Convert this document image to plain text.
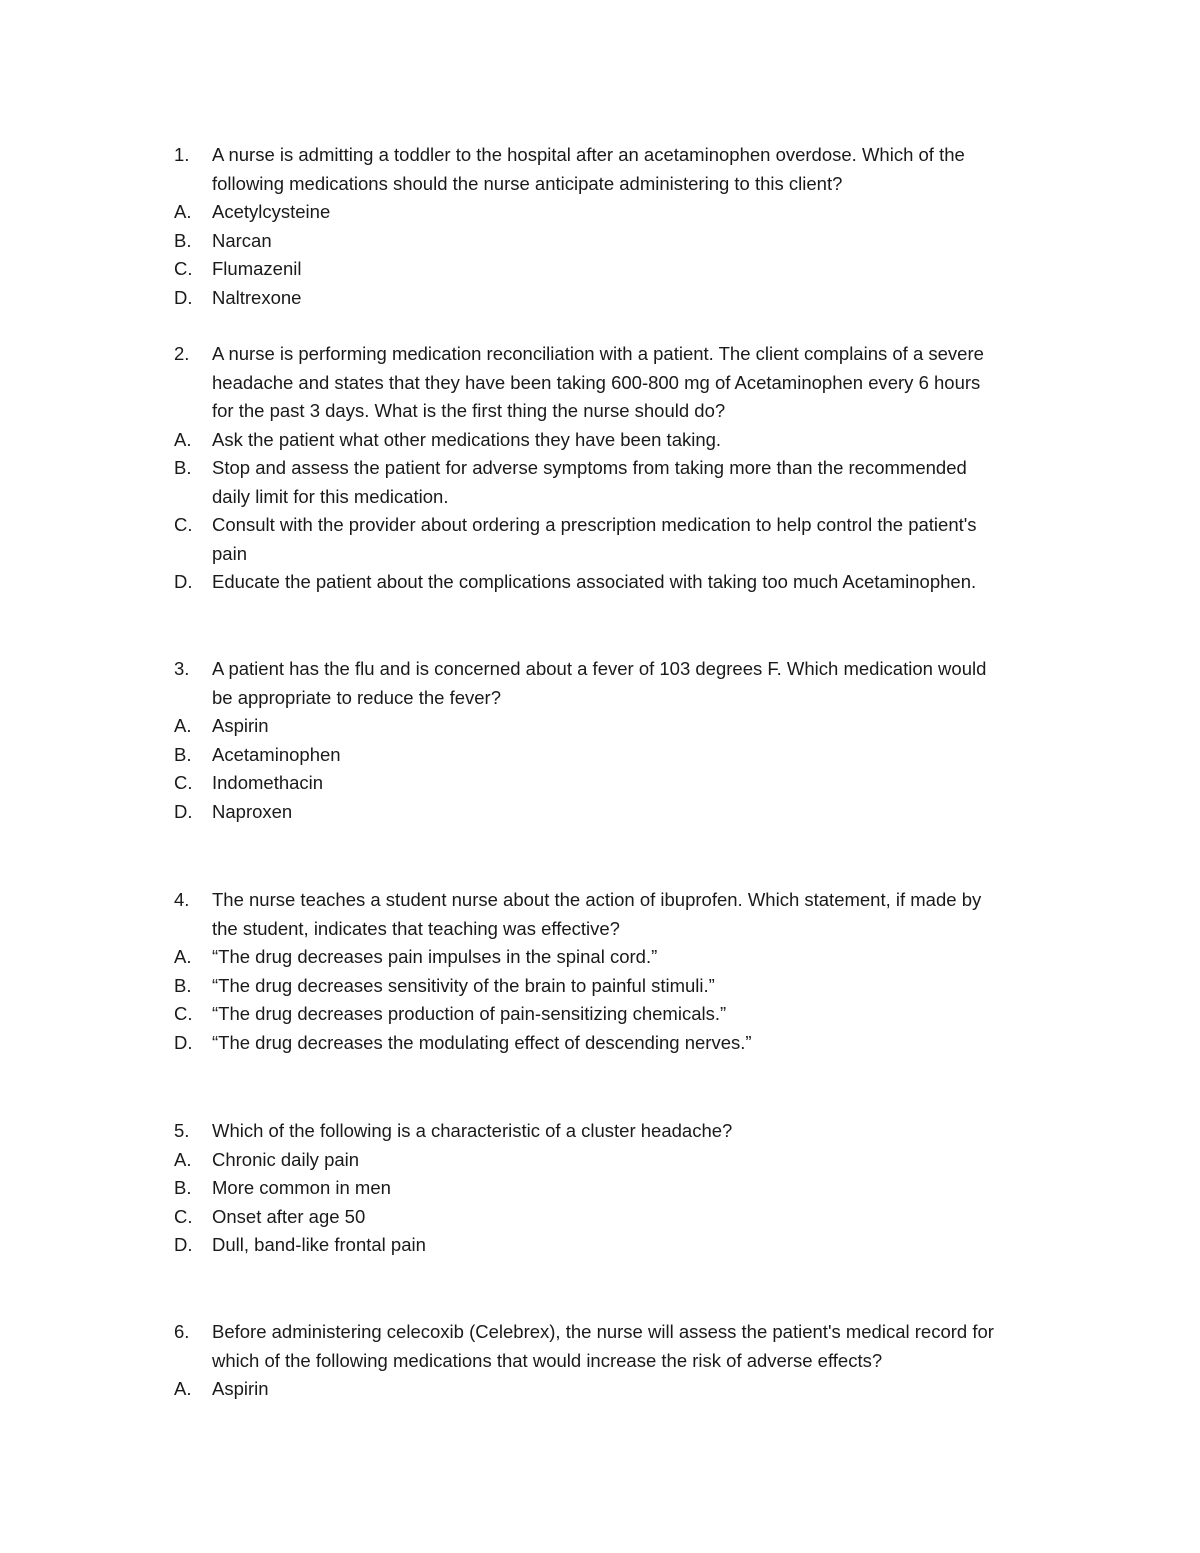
1. A nurse is admitting a toddler to the hospital after an acetaminophen overdose. Which of the
following medications should the nurse anticipate administering to this client?
A. Acetylcysteine
B. Narcan
C. Flumazenil
D. Naltrexone
2. A nurse is performing medication reconciliation with a patient. The client complains of a severe
headache and states that they have been taking 600-800 mg of Acetaminophen every 6 hours
for the past 3 days. What is the first thing the nurse should do?
A. Ask the patient what other medications they have been taking.
B. Stop and assess the patient for adverse symptoms from taking more than the recommended
daily limit for this medication.
C. Consult with the provider about ordering a prescription medication to help control the patient's
pain
D. Educate the patient about the complications associated with taking too much Acetaminophen.
3. A patient has the flu and is concerned about a fever of 103 degrees F. Which medication would
be appropriate to reduce the fever?
A. Aspirin
B. Acetaminophen
C. Indomethacin
D. Naproxen
4. The nurse teaches a student nurse about the action of ibuprofen. Which statement, if made by
the student, indicates that teaching was effective?
A. “The drug decreases pain impulses in the spinal cord.”
B. “The drug decreases sensitivity of the brain to painful stimuli.”
C. “The drug decreases production of pain-sensitizing chemicals.”
D. “The drug decreases the modulating effect of descending nerves.”
5. Which of the following is a characteristic of a cluster headache?
A. Chronic daily pain
B. More common in men
C. Onset after age 50
D. Dull, band-like frontal pain
6. Before administering celecoxib (Celebrex), the nurse will assess the patient's medical record for
which of the following medications that would increase the risk of adverse effects?
A. Aspirin
